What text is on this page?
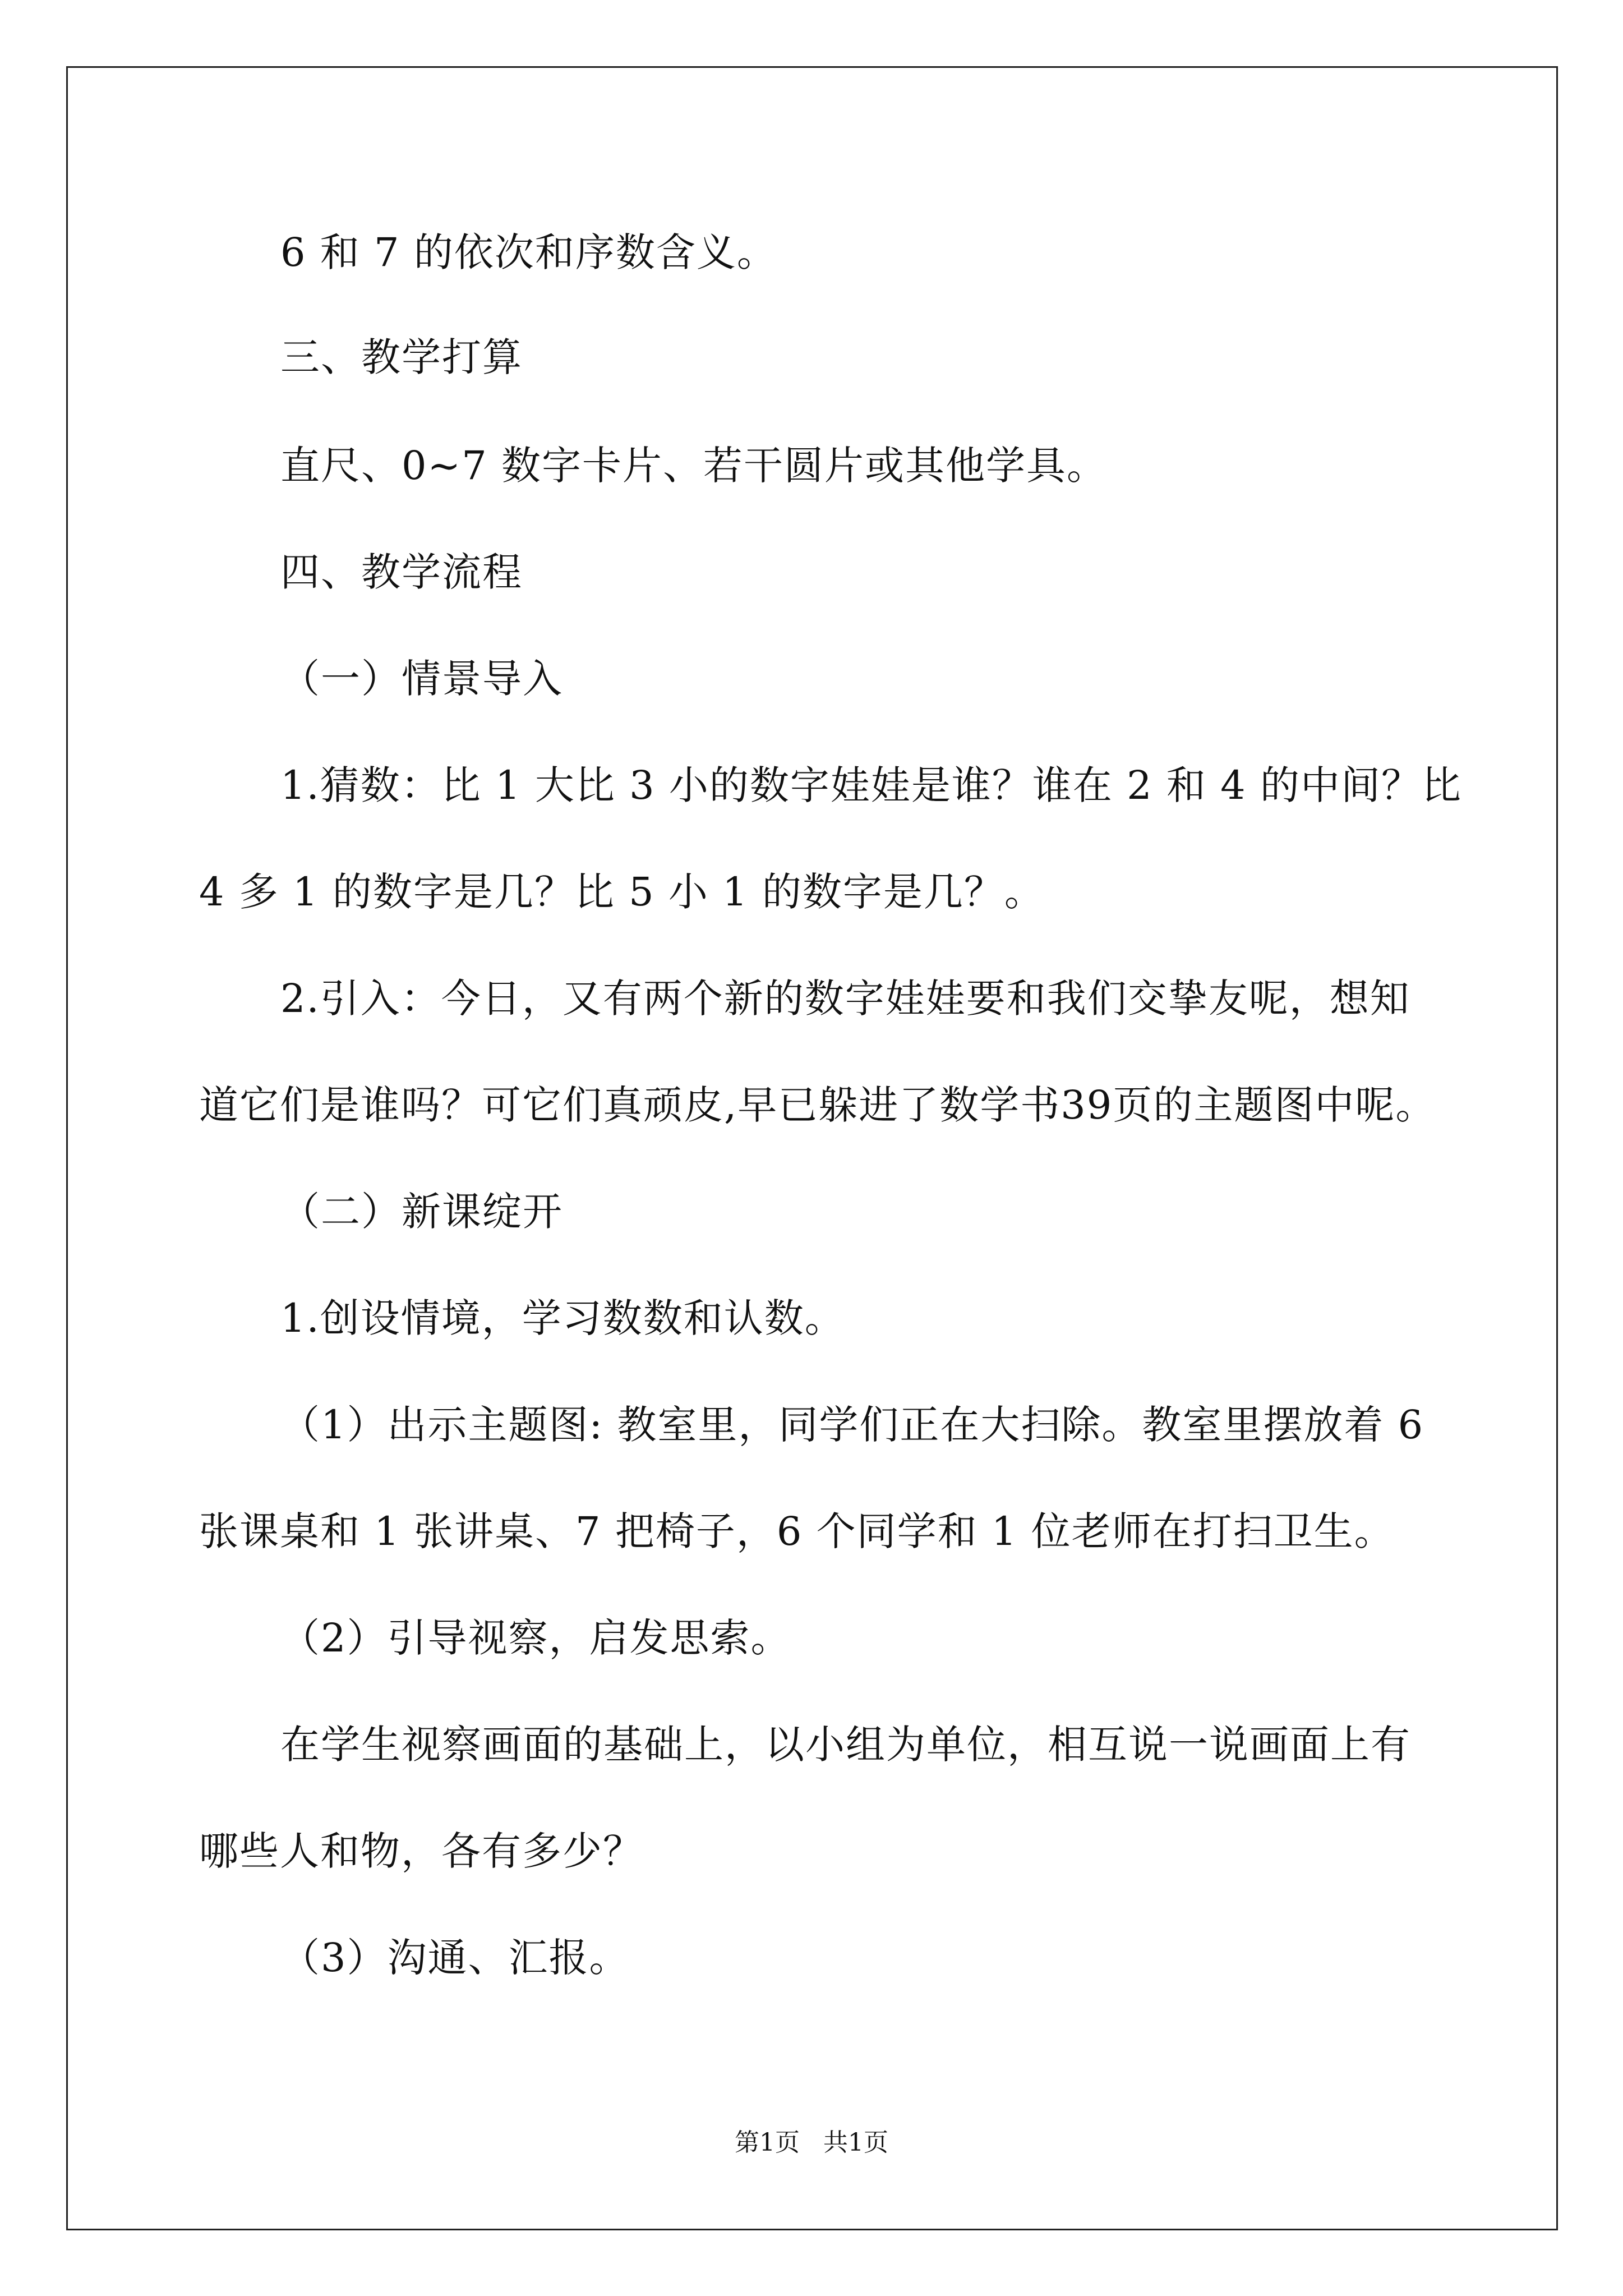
6 和 7 的依次和序数含义。
三、教学打算
直尺、0~7 数字卡片、若干圆片或其他学具。
四、教学流程
（一）情景导入
1.猜数：比 1 大比 3 小的数字娃娃是谁？谁在 2 和 4 的中间？比
4 多 1 的数字是几？比 5 小 1 的数字是几？。
2.引入：今日，又有两个新的数字娃娃要和我们交挚友呢，想知
道它们是谁吗？可它们真顽皮,早已躲进了数学书39页的主题图中呢。
（二）新课绽开
1.创设情境，学习数数和认数。
（1）出示主题图: 教室里，同学们正在大扫除。教室里摆放着 6
张课桌和 1 张讲桌、7 把椅子，6 个同学和 1 位老师在打扫卫生。
（2）引导视察，启发思索。
在学生视察画面的基础上，以小组为单位，相互说一说画面上有
哪些人和物，各有多少？
（3）沟通、汇报。
第1页   共1页
